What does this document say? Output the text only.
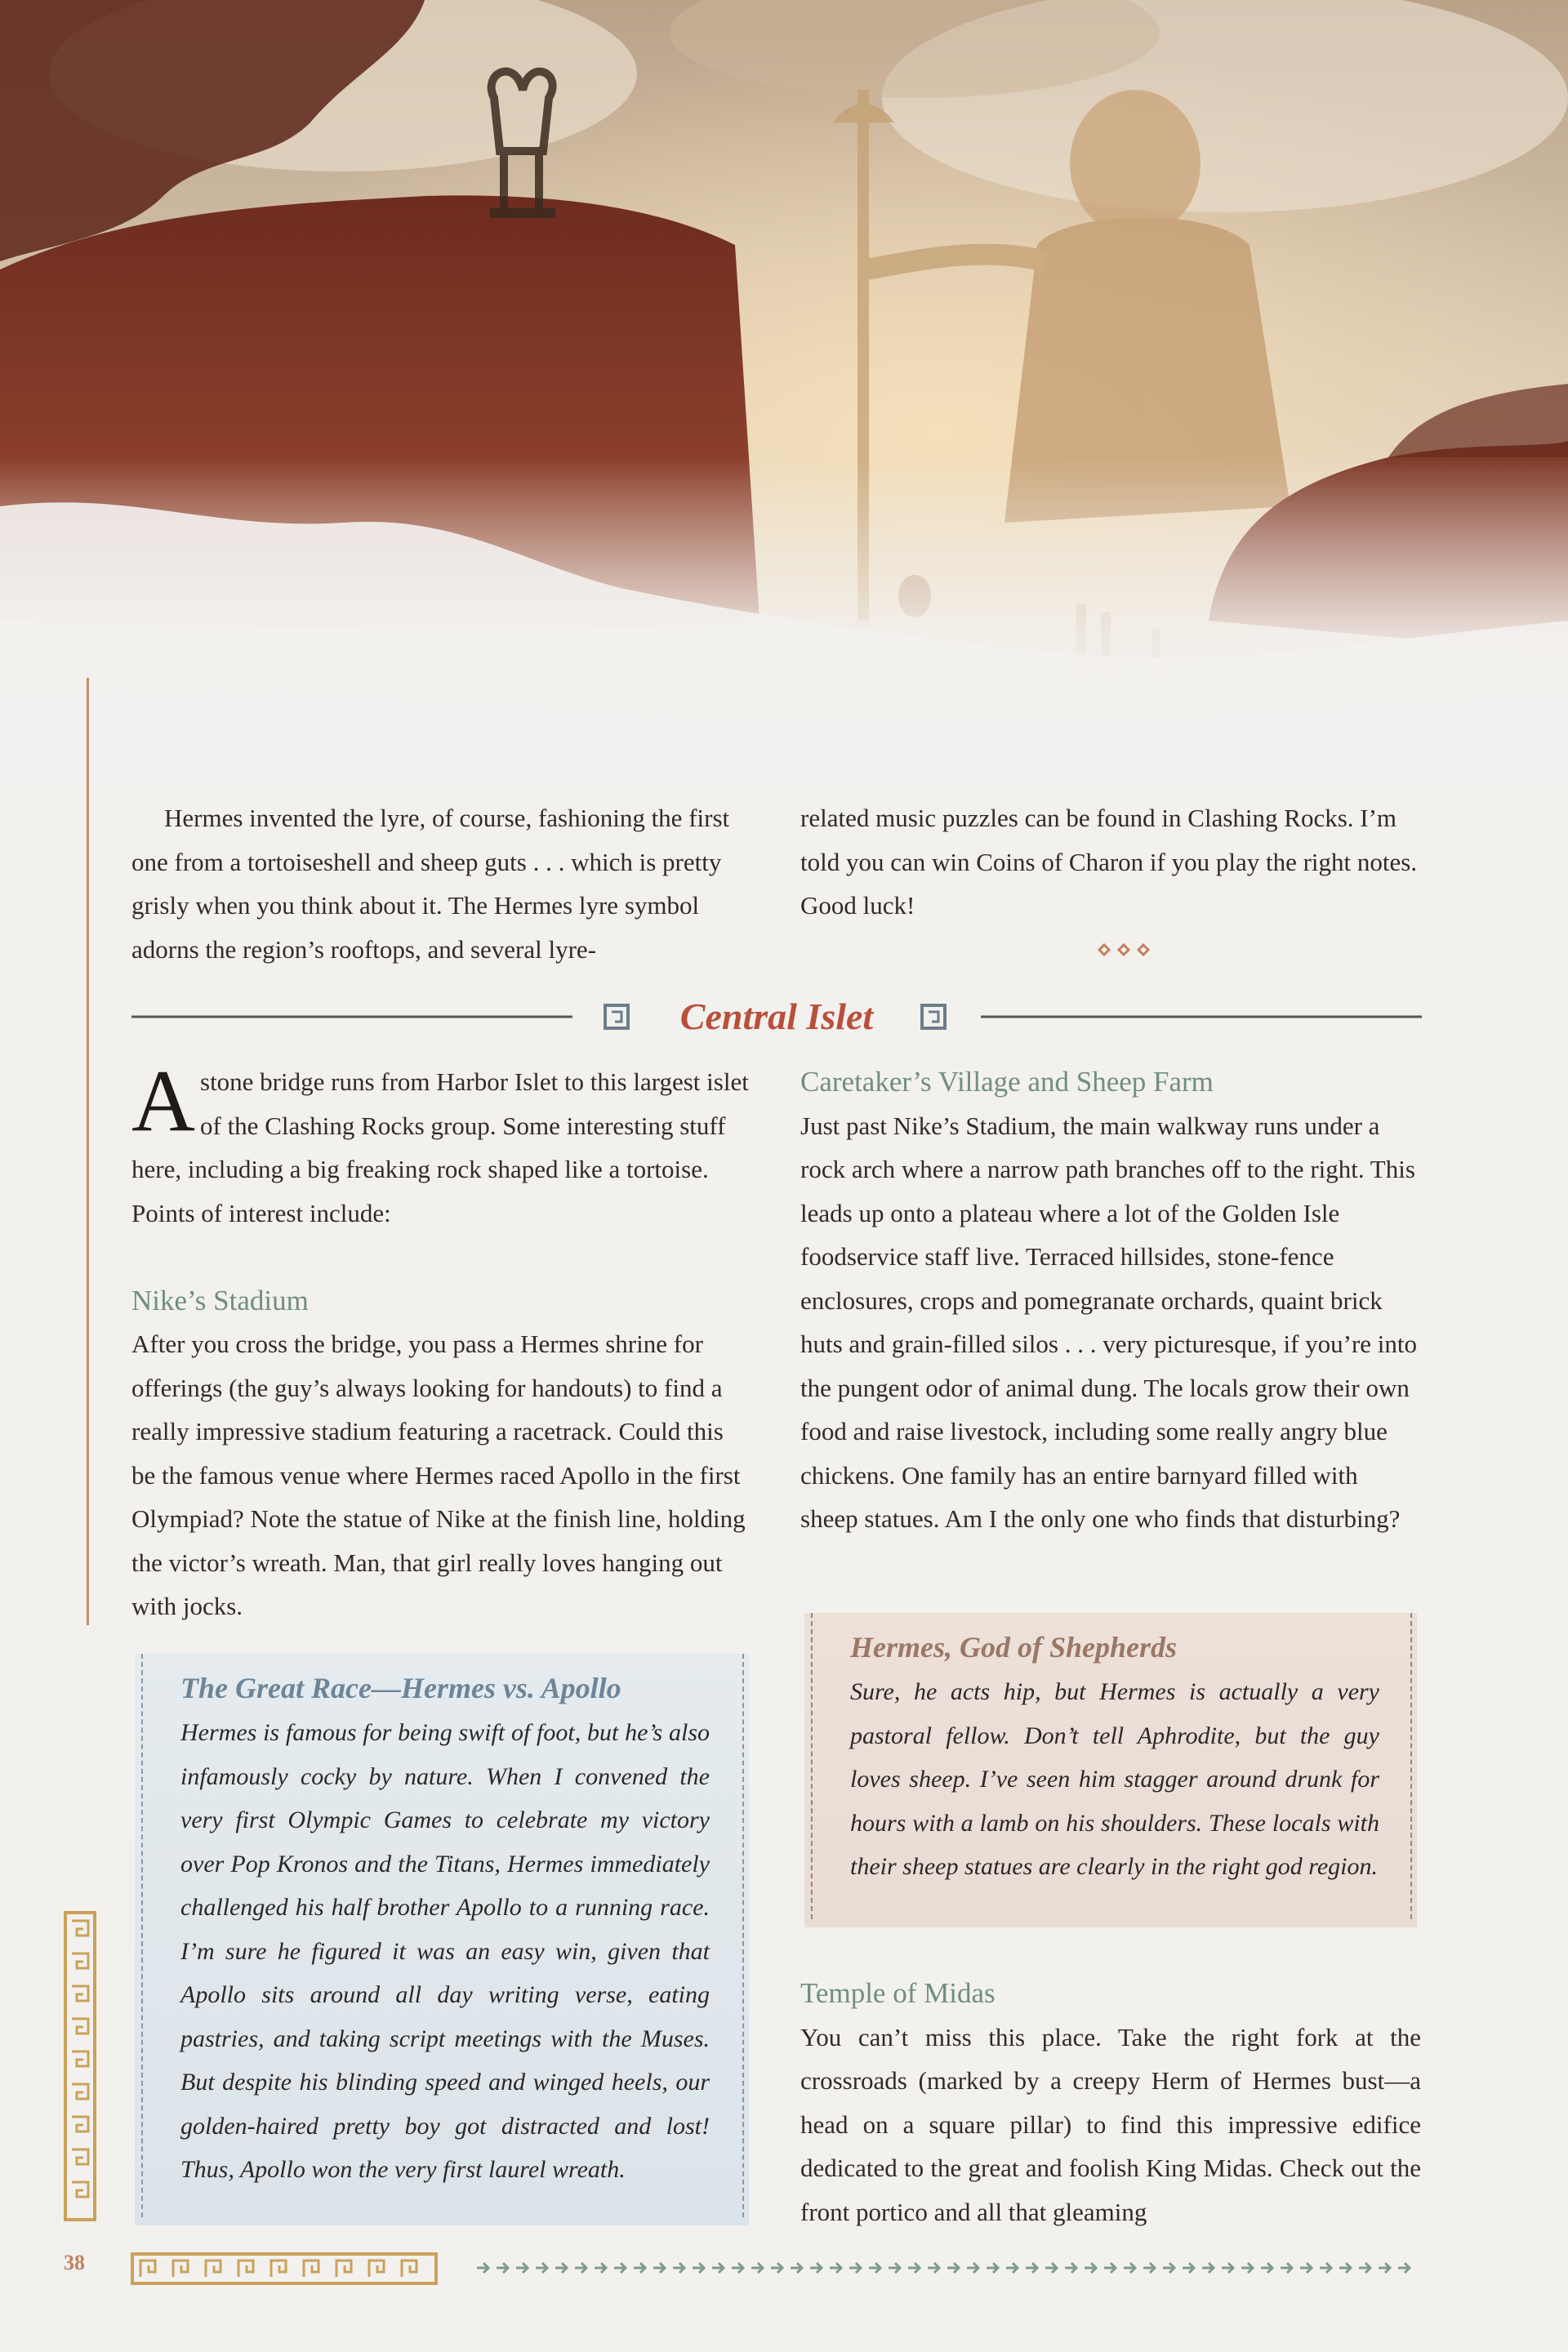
Hermes invented the lyre, of course, fashioning the first one from a tortoiseshell and sheep guts . . . which is pretty grisly when you think about it. The Hermes lyre symbol adorns the region’s rooftops, and several lyre-

related music puzzles can be found in Clashing Rocks. I’m told you can win Coins of Charon if you play the right notes. Good luck!

Central Islet

A stone bridge runs from Harbor Islet to this largest islet of the Clashing Rocks group. Some interesting stuff here, including a big freaking rock shaped like a tortoise. Points of interest include:

Nike’s Stadium

After you cross the bridge, you pass a Hermes shrine for offerings (the guy’s always looking for handouts) to find a really impressive stadium featuring a racetrack. Could this be the famous venue where Hermes raced Apollo in the first Olympiad? Note the statue of Nike at the finish line, holding the victor’s wreath. Man, that girl really loves hanging out with jocks.

Caretaker’s Village and Sheep Farm

Just past Nike’s Stadium, the main walkway runs under a rock arch where a narrow path branches off to the right. This leads up onto a plateau where a lot of the Golden Isle foodservice staff live. Terraced hillsides, stone-fence enclosures, crops and pomegranate orchards, quaint brick huts and grain-filled silos . . . very picturesque, if you’re into the pungent odor of animal dung. The locals grow their own food and raise livestock, including some really angry blue chickens. One family has an entire barnyard filled with sheep statues. Am I the only one who finds that disturbing?

Temple of Midas

You can’t miss this place. Take the right fork at the crossroads (marked by a creepy Herm of Hermes bust—a head on a square pillar) to find this impressive edifice dedicated to the great and foolish King Midas. Check out the front portico and all that gleaming

The Great Race—Hermes vs. Apollo

Hermes is famous for being swift of foot, but he’s also infamously cocky by nature. When I convened the very first Olympic Games to celebrate my victory over Pop Kronos and the Titans, Hermes immediately challenged his half brother Apollo to a running race. I’m sure he figured it was an easy win, given that Apollo sits around all day writing verse, eating pastries, and taking script meetings with the Muses. But despite his blinding speed and winged heels, our golden-haired pretty boy got distracted and lost! Thus, Apollo won the very first laurel wreath.

Hermes, God of Shepherds

Sure, he acts hip, but Hermes is actually a very pastoral fellow. Don’t tell Aphrodite, but the guy loves sheep. I’ve seen him stagger around drunk for hours with a lamb on his shoulders. These locals with their sheep statues are clearly in the right god region.

38
